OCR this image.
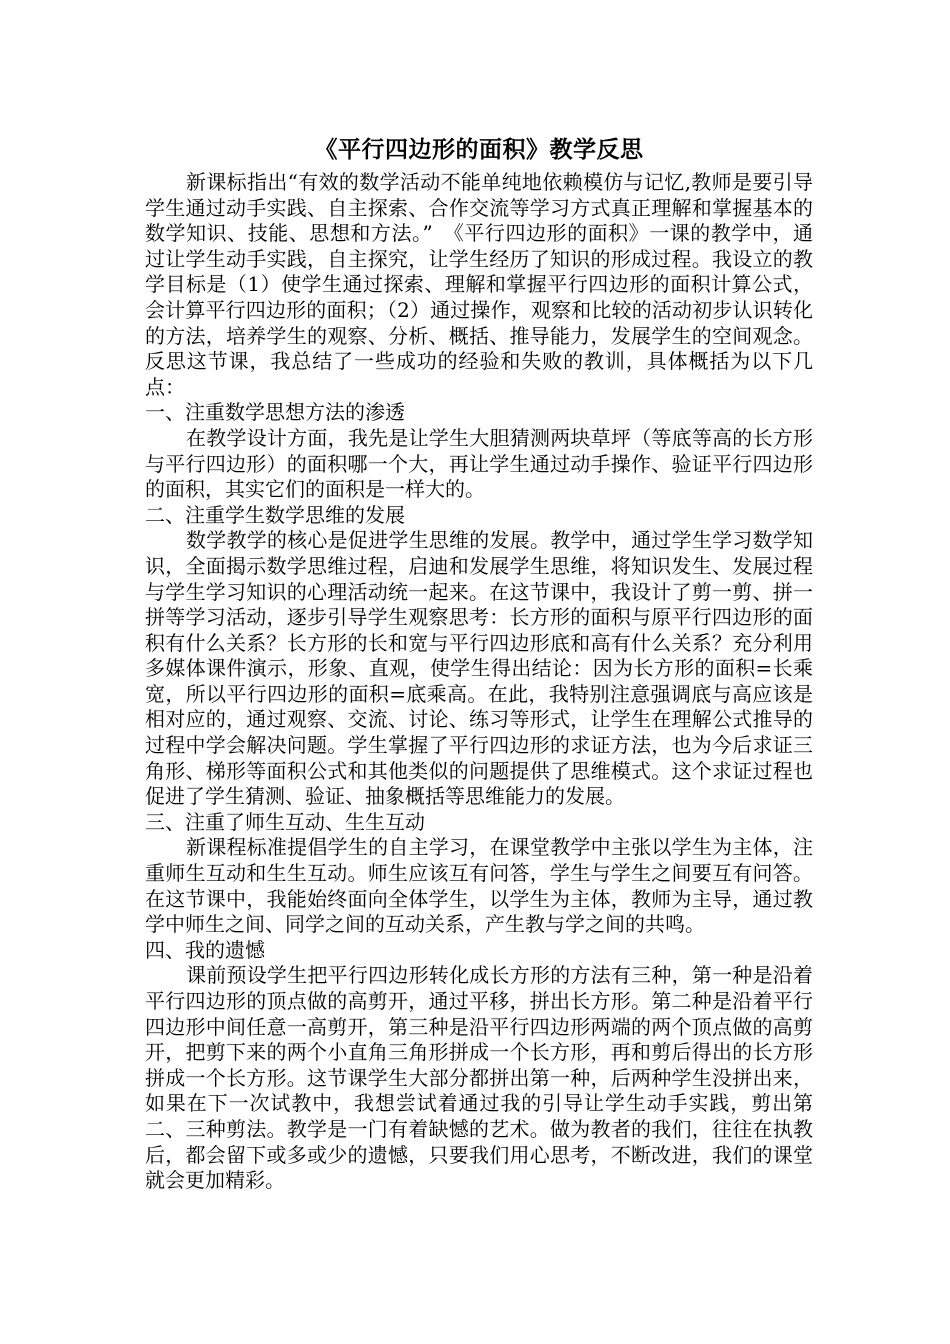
《平行四边形的面积》教学反思

新课标指出“有效的数学活动不能单纯地依赖模仿与记忆,教师是要引导学生通过动手实践、自主探索、合作交流等学习方式真正理解和掌握基本的数学知识、技能、思想和方法。”　《平行四边形的面积》一课的教学中，通过让学生动手实践，自主探究，让学生经历了知识的形成过程。我设立的教学目标是（1）使学生通过探索、理解和掌握平行四边形的面积计算公式，会计算平行四边形的面积；（2）通过操作，观察和比较的活动初步认识转化的方法，培养学生的观察、分析、概括、推导能力，发展学生的空间观念。反思这节课，我总结了一些成功的经验和失败的教训，具体概括为以下几点：

一、注重数学思想方法的渗透

在教学设计方面，我先是让学生大胆猜测两块草坪（等底等高的长方形与平行四边形）的面积哪一个大，再让学生通过动手操作、验证平行四边形的面积，其实它们的面积是一样大的。

二、注重学生数学思维的发展

数学教学的核心是促进学生思维的发展。教学中，通过学生学习数学知识，全面揭示数学思维过程，启迪和发展学生思维，将知识发生、发展过程与学生学习知识的心理活动统一起来。在这节课中，我设计了剪一剪、拼一拼等学习活动，逐步引导学生观察思考：长方形的面积与原平行四边形的面积有什么关系？长方形的长和宽与平行四边形底和高有什么关系？充分利用多媒体课件演示，形象、直观，使学生得出结论：因为长方形的面积=长乘宽，所以平行四边形的面积=底乘高。在此，我特别注意强调底与高应该是相对应的，通过观察、交流、讨论、练习等形式，让学生在理解公式推导的过程中学会解决问题。学生掌握了平行四边形的求证方法，也为今后求证三角形、梯形等面积公式和其他类似的问题提供了思维模式。这个求证过程也促进了学生猜测、验证、抽象概括等思维能力的发展。

三、注重了师生互动、生生互动

新课程标准提倡学生的自主学习，在课堂教学中主张以学生为主体，注重师生互动和生生互动。师生应该互有问答，学生与学生之间要互有问答。在这节课中，我能始终面向全体学生，以学生为主体，教师为主导，通过教学中师生之间、同学之间的互动关系，产生教与学之间的共鸣。

四、我的遗憾

课前预设学生把平行四边形转化成长方形的方法有三种，第一种是沿着平行四边形的顶点做的高剪开，通过平移，拼出长方形。第二种是沿着平行四边形中间任意一高剪开，第三种是沿平行四边形两端的两个顶点做的高剪开，把剪下来的两个小直角三角形拼成一个长方形，再和剪后得出的长方形拼成一个长方形。这节课学生大部分都拼出第一种，后两种学生没拼出来，如果在下一次试教中，我想尝试着通过我的引导让学生动手实践，剪出第二、三种剪法。教学是一门有着缺憾的艺术。做为教者的我们，往往在执教后，都会留下或多或少的遗憾，只要我们用心思考，不断改进，我们的课堂就会更加精彩。
